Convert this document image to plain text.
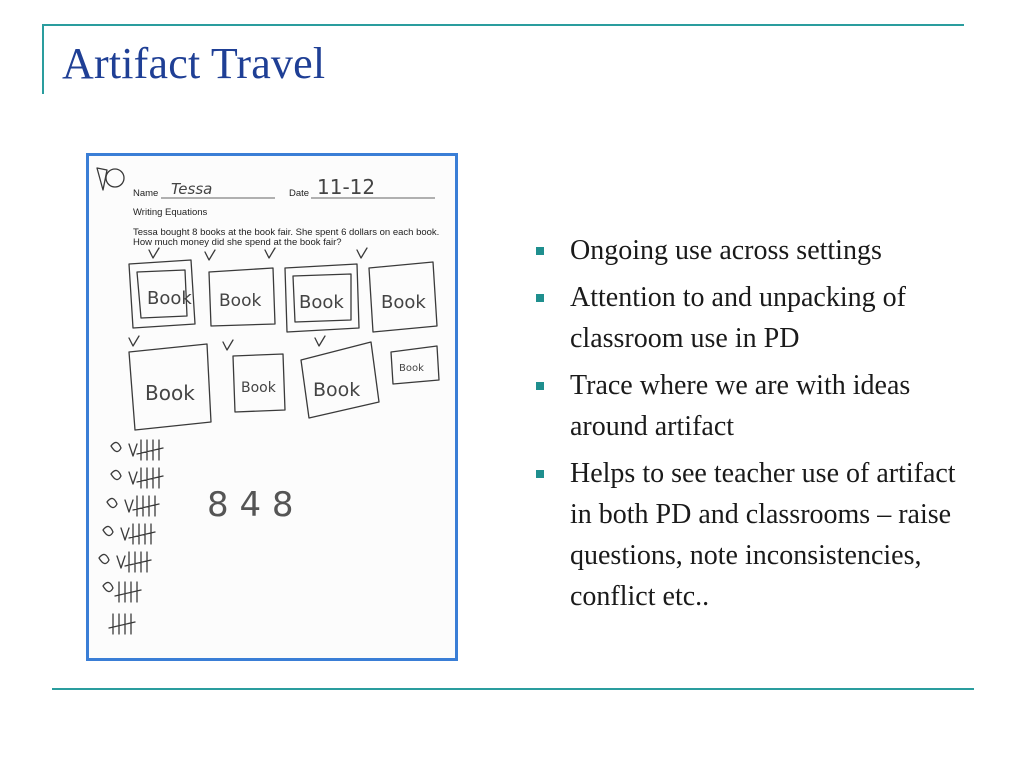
Artifact Travel
Name Tessa	Date 11-12
Writing Equations
Tessa bought 8 books at the book fair. She spent 6 dollars on each book.
How much money did she spend at the book fair?
Book Book Book Book
Book	Book Book
Book
8 4 8
Ongoing use across settings
Attention to and unpacking of classroom use in PD
Trace where we are with ideas around artifact
Helps to see teacher use of artifact in both PD and classrooms – raise questions, note inconsistencies, conflict etc..
